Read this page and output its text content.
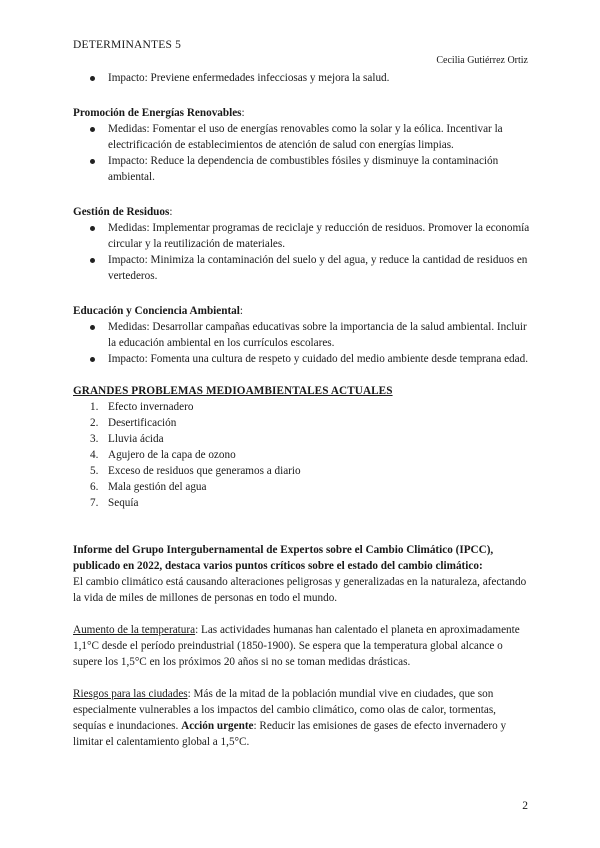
DETERMINANTES 5
Cecilia Gutiérrez Ortiz
Impacto: Previene enfermedades infecciosas y mejora la salud.
Promoción de Energías Renovables:
Medidas: Fomentar el uso de energías renovables como la solar y la eólica. Incentivar la electrificación de establecimientos de atención de salud con energías limpias.
Impacto: Reduce la dependencia de combustibles fósiles y disminuye la contaminación ambiental.
Gestión de Residuos:
Medidas: Implementar programas de reciclaje y reducción de residuos. Promover la economía circular y la reutilización de materiales.
Impacto: Minimiza la contaminación del suelo y del agua, y reduce la cantidad de residuos en vertederos.
Educación y Conciencia Ambiental:
Medidas: Desarrollar campañas educativas sobre la importancia de la salud ambiental. Incluir la educación ambiental en los currículos escolares.
Impacto: Fomenta una cultura de respeto y cuidado del medio ambiente desde temprana edad.
GRANDES PROBLEMAS MEDIOAMBIENTALES ACTUALES
1. Efecto invernadero
2. Desertificación
3. Lluvia ácida
4. Agujero de la capa de ozono
5. Exceso de residuos que generamos a diario
6. Mala gestión del agua
7. Sequía
Informe del Grupo Intergubernamental de Expertos sobre el Cambio Climático (IPCC), publicado en 2022, destaca varios puntos críticos sobre el estado del cambio climático:
El cambio climático está causando alteraciones peligrosas y generalizadas en la naturaleza, afectando la vida de miles de millones de personas en todo el mundo.
Aumento de la temperatura: Las actividades humanas han calentado el planeta en aproximadamente 1,1°C desde el período preindustrial (1850-1900). Se espera que la temperatura global alcance o supere los 1,5°C en los próximos 20 años si no se toman medidas drásticas.
Riesgos para las ciudades: Más de la mitad de la población mundial vive en ciudades, que son especialmente vulnerables a los impactos del cambio climático, como olas de calor, tormentas, sequías e inundaciones. Acción urgente: Reducir las emisiones de gases de efecto invernadero y limitar el calentamiento global a 1,5°C.
2
